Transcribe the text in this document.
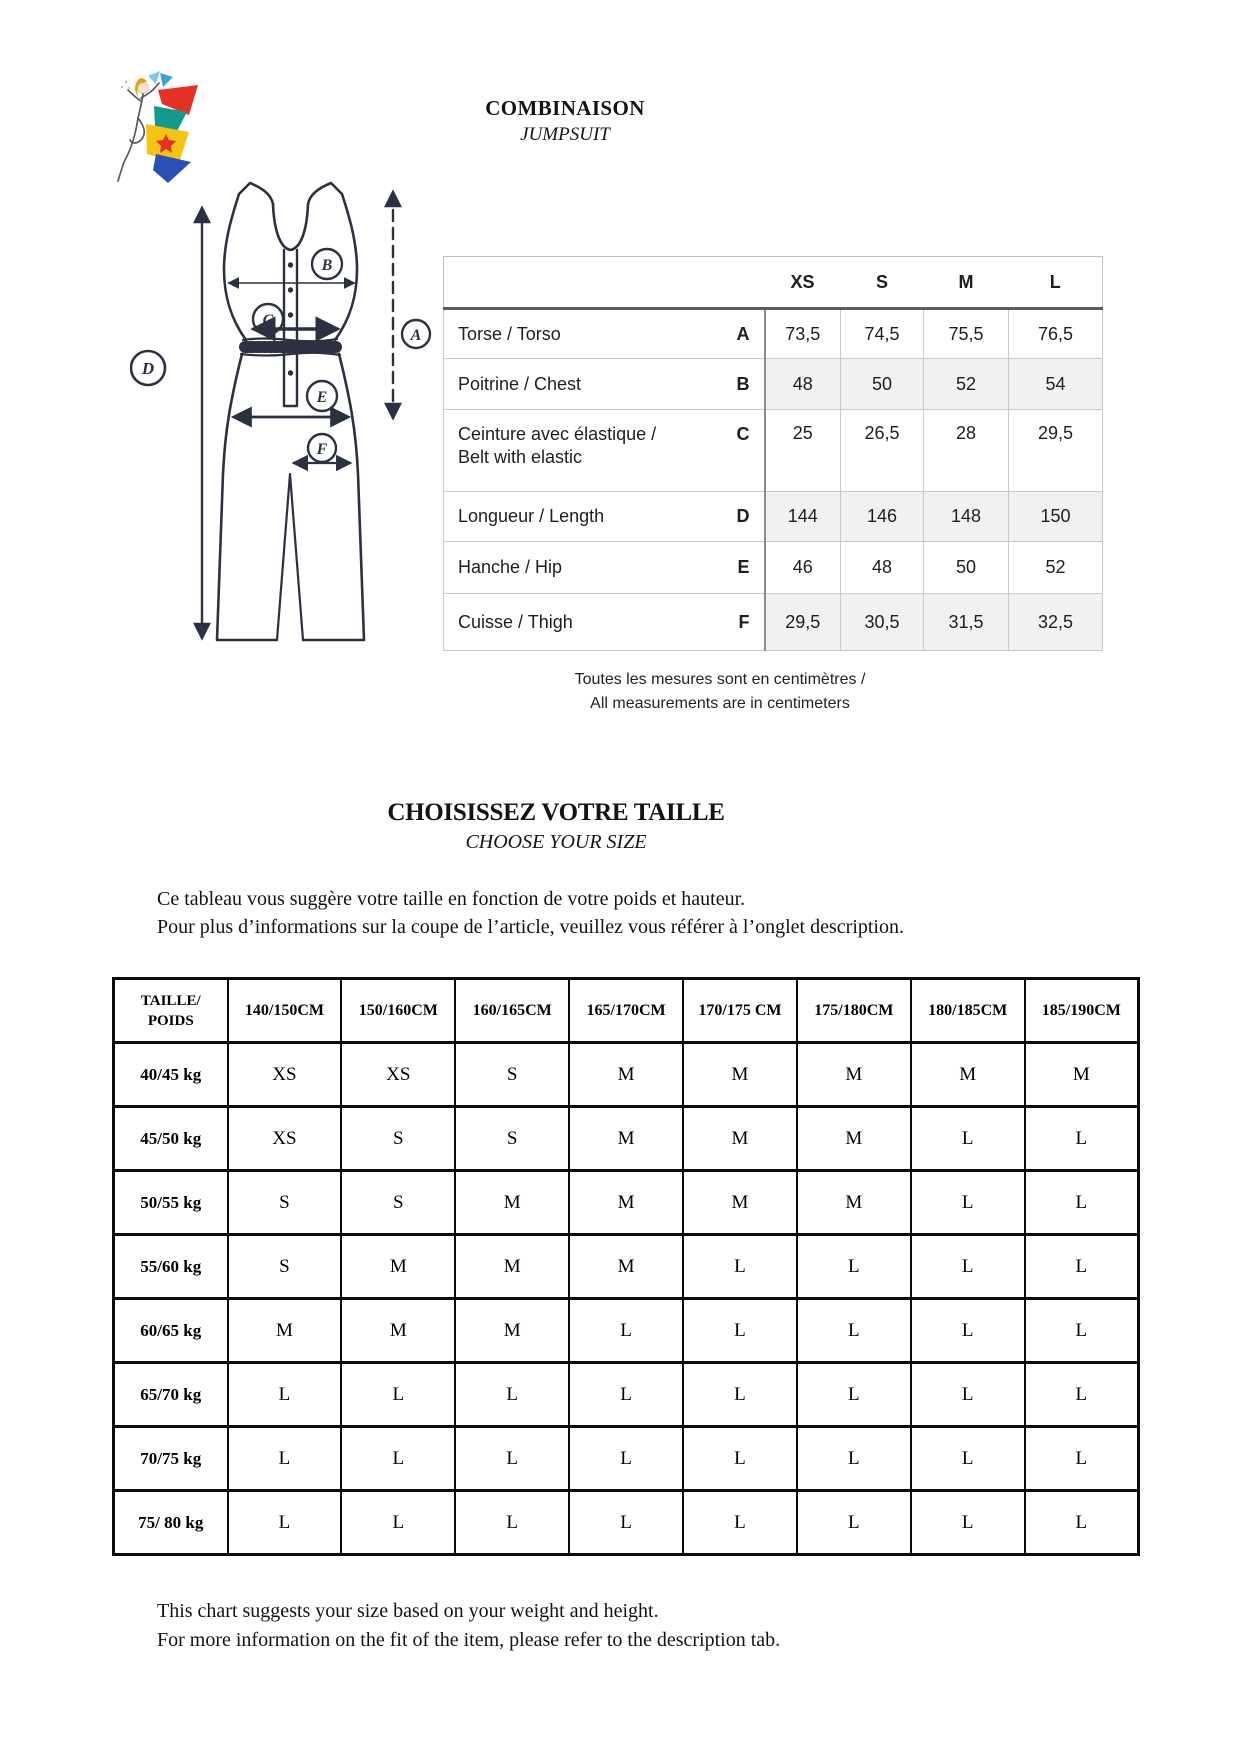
COMBINAISON
JUMPSUIT
A
B
C
D
E
F
	XS	S	M	L

Torse / Torso A	73,5	74,5	75,5	76,5

Poitrine / Chest B	48	50	52	54

Ceinture avec élastique /
Belt with elastic
C	25	26,5	28	29,5

Longueur / Length D	144	146	148	150

Hanche / Hip E	46	48	50	52

Cuisse / Thigh F	29,5	30,5	31,5	32,5
Toutes les mesures sont en centimètres /
All measurements are in centimeters
CHOISISSEZ VOTRE TAILLE
CHOOSE YOUR SIZE
Ce tableau vous suggère votre taille en fonction de votre poids et hauteur.
Pour plus d’informations sur la coupe de l’article, veuillez vous référer à l’onglet description.
TAILLE/
POIDS	140/150CM	150/160CM	160/165CM	165/170CM	170/175 CM	175/180CM	180/185CM	185/190CM
40/45 kg	XS	XS	S	M	M	M	M	M
45/50 kg	XS	S	S	M	M	M	L	L
50/55 kg	S	S	M	M	M	M	L	L
55/60 kg	S	M	M	M	L	L	L	L
60/65 kg	M	M	M	L	L	L	L	L
65/70 kg	L	L	L	L	L	L	L	L
70/75 kg	L	L	L	L	L	L	L	L
75/ 80 kg	L	L	L	L	L	L	L	L
This chart suggests your size based on your weight and height.
For more information on the fit of the item, please refer to the description tab.
